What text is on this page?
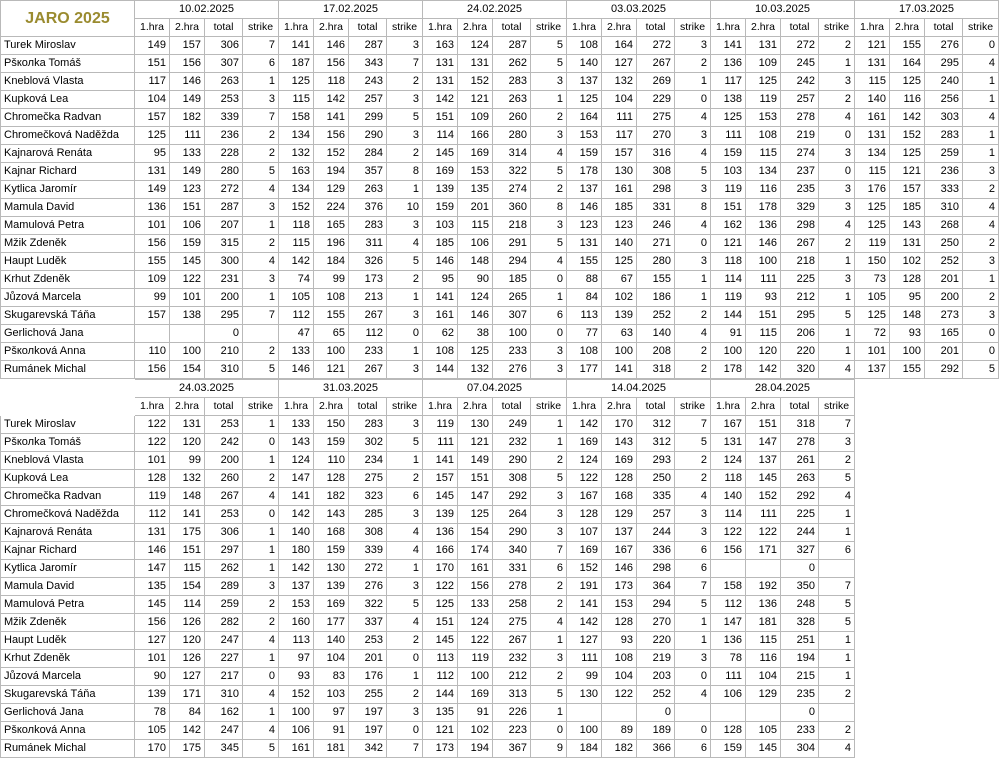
JARO 2025	10.02.2025				17.02.2025				24.02.2025				03.03.2025				10.03.2025				17.03.2025			
	1.hra	2.hra	total	strike	1.hra	2.hra	total	strike	1.hra	2.hra	total	strike	1.hra	2.hra	total	strike	1.hra	2.hra	total	strike	1.hra	2.hra	total	strike
Turek Miroslav	149	157	306	7	141	146	287	3	163	124	287	5	108	164	272	3	141	131	272	2	121	155	276	0
Pšколka Tomáš	151	156	307	6	187	156	343	7	131	131	262	5	140	127	267	2	136	109	245	1	131	164	295	4
Kneblová Vlasta	117	146	263	1	125	118	243	2	131	152	283	3	137	132	269	1	117	125	242	3	115	125	240	1
Kupková Lea	104	149	253	3	115	142	257	3	142	121	263	1	125	104	229	0	138	119	257	2	140	116	256	1
Chromečka Radvan	157	182	339	7	158	141	299	5	151	109	260	2	164	111	275	4	125	153	278	4	161	142	303	4
Chromečková Naděžda	125	111	236	2	134	156	290	3	114	166	280	3	153	117	270	3	111	108	219	0	131	152	283	1
Kajnarová Renáta	95	133	228	2	132	152	284	2	145	169	314	4	159	157	316	4	159	115	274	3	134	125	259	1
Kajnar Richard	131	149	280	5	163	194	357	8	169	153	322	5	178	130	308	5	103	134	237	0	115	121	236	3
Kytlica Jaromír	149	123	272	4	134	129	263	1	139	135	274	2	137	161	298	3	119	116	235	3	176	157	333	2
Mamula David	136	151	287	3	152	224	376	10	159	201	360	8	146	185	331	8	151	178	329	3	125	185	310	4
Mamulová Petra	101	106	207	1	118	165	283	3	103	115	218	3	123	123	246	4	162	136	298	4	125	143	268	4
Mžik Zdeněk	156	159	315	2	115	196	311	4	185	106	291	5	131	140	271	0	121	146	267	2	119	131	250	2
Haupt Luděk	155	145	300	4	142	184	326	5	146	148	294	4	155	125	280	3	118	100	218	1	150	102	252	3
Krhut Zdeněk	109	122	231	3	74	99	173	2	95	90	185	0	88	67	155	1	114	111	225	3	73	128	201	1
Jůzová Marcela	99	101	200	1	105	108	213	1	141	124	265	1	84	102	186	1	119	93	212	1	105	95	200	2
Skugarevská Táňa	157	138	295	7	112	155	267	3	161	146	307	6	113	139	252	2	144	151	295	5	125	148	273	3
Gerlichová Jana			0		47	65	112	0	62	38	100	0	77	63	140	4	91	115	206	1	72	93	165	0
Pšколková Anna	110	100	210	2	133	100	233	1	108	125	233	3	108	100	208	2	100	120	220	1	101	100	201	0
Rumánek Michal	156	154	310	5	146	121	267	3	144	132	276	3	177	141	318	2	178	142	320	4	137	155	292	5
	24.03.2025				31.03.2025				07.04.2025				14.04.2025				28.04.2025							
	1.hra	2.hra	total	strike	1.hra	2.hra	total	strike	1.hra	2.hra	total	strike	1.hra	2.hra	total	strike	1.hra	2.hra	total	strike				
Turek Miroslav	122	131	253	1	133	150	283	3	119	130	249	1	142	170	312	7	167	151	318	7				
Pšколka Tomáš	122	120	242	0	143	159	302	5	111	121	232	1	169	143	312	5	131	147	278	3				
Kneblová Vlasta	101	99	200	1	124	110	234	1	141	149	290	2	124	169	293	2	124	137	261	2				
Kupková Lea	128	132	260	2	147	128	275	2	157	151	308	5	122	128	250	2	118	145	263	5				
Chromečka Radvan	119	148	267	4	141	182	323	6	145	147	292	3	167	168	335	4	140	152	292	4				
Chromečková Naděžda	112	141	253	0	142	143	285	3	139	125	264	3	128	129	257	3	114	111	225	1				
Kajnarová Renáta	131	175	306	1	140	168	308	4	136	154	290	3	107	137	244	3	122	122	244	1				
Kajnar Richard	146	151	297	1	180	159	339	4	166	174	340	7	169	167	336	6	156	171	327	6				
Kytlica Jaromír	147	115	262	1	142	130	272	1	170	161	331	6	152	146	298	6			0					
Mamula David	135	154	289	3	137	139	276	3	122	156	278	2	191	173	364	7	158	192	350	7				
Mamulová Petra	145	114	259	2	153	169	322	5	125	133	258	2	141	153	294	5	112	136	248	5				
Mžik Zdeněk	156	126	282	2	160	177	337	4	151	124	275	4	142	128	270	1	147	181	328	5				
Haupt Luděk	127	120	247	4	113	140	253	2	145	122	267	1	127	93	220	1	136	115	251	1				
Krhut Zdeněk	101	126	227	1	97	104	201	0	113	119	232	3	111	108	219	3	78	116	194	1				
Jůzová Marcela	90	127	217	0	93	83	176	1	112	100	212	2	99	104	203	0	111	104	215	1				
Skugarevská Táňa	139	171	310	4	152	103	255	2	144	169	313	5	130	122	252	4	106	129	235	2				
Gerlichová Jana	78	84	162	1	100	97	197	3	135	91	226	1			0				0					
Pšколková Anna	105	142	247	4	106	91	197	0	121	102	223	0	100	89	189	0	128	105	233	2				
Rumánek Michal	170	175	345	5	161	181	342	7	173	194	367	9	184	182	366	6	159	145	304	4				
